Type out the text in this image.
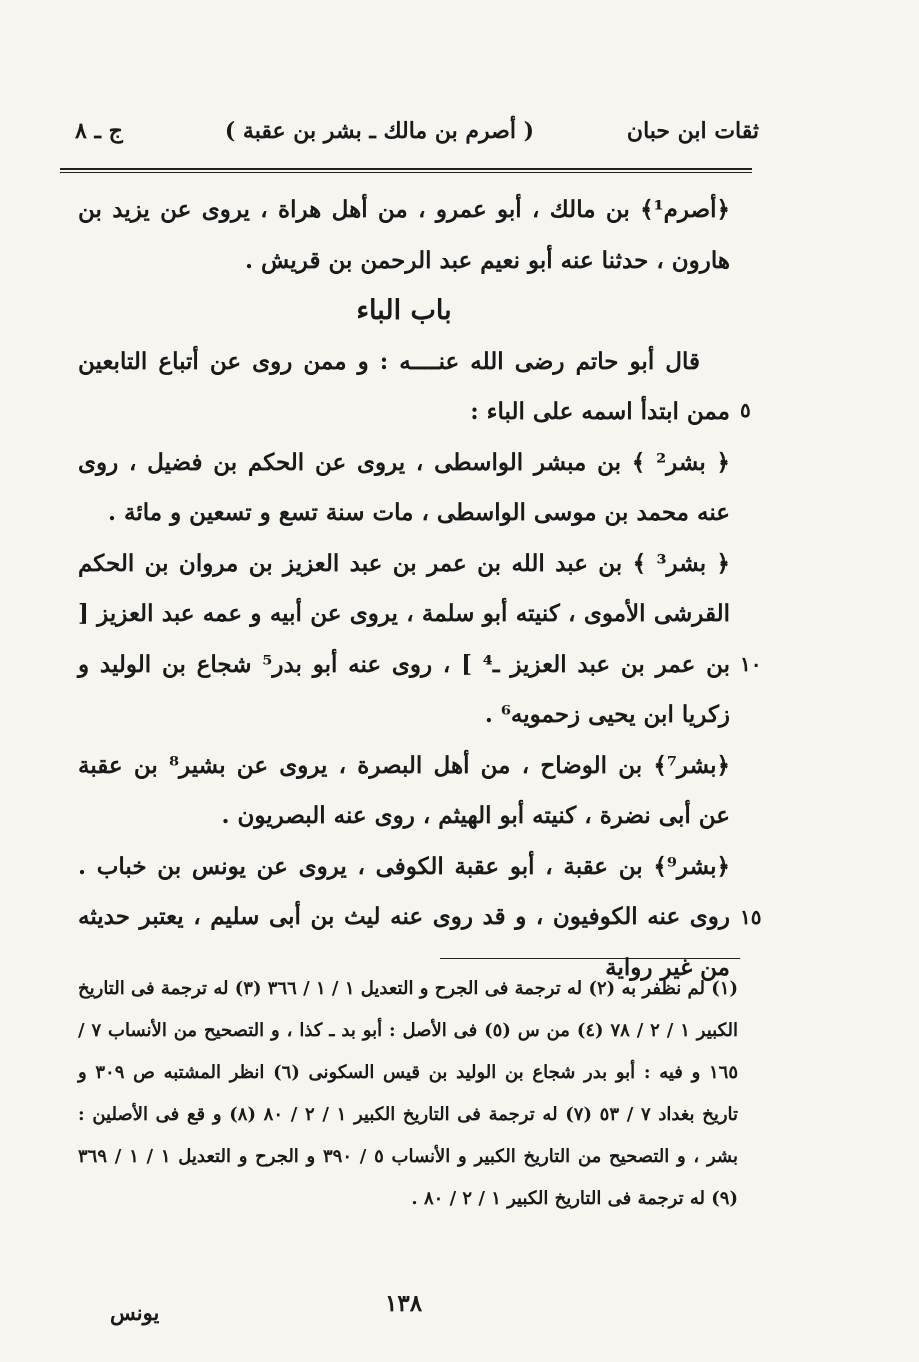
ثقات ابن حبان
( أصرم بن مالك ـ بشر بن عقبة )
ج ـ ٨

﴿أصرم¹﴾ بن مالك ، أبو عمرو ، من أهل هراة ، يروى عن يزيد بن هارون ، حدثنا عنه أبو نعيم عبد الرحمن بن قريش .

باب الباء

قال أبو حاتم رضى الله عنــــه : و ممن روى عن أتباع التابعين ممن ابتدأ اسمه على الباء :

﴿ بشر² ﴾ بن مبشر الواسطى ، يروى عن الحكم بن فضيل ، روى عنه محمد بن موسى الواسطى ، مات سنة تسع و تسعين و مائة .

﴿ بشر³ ﴾ بن عبد الله بن عمر بن عبد العزيز بن مروان بن الحكم القرشى الأموى ، كنيته أبو سلمة ، يروى عن أبيه و عمه عبد العزيز [ بن عمر بن عبد العزيز ـ⁴ ] ، روى عنه أبو بدر⁵ شجاع بن الوليد و زكريا ابن يحيى زحمويه⁶ .

﴿بشر⁷﴾ بن الوضاح ، من أهل البصرة ، يروى عن بشير⁸ بن عقبة عن أبى نضرة ، كنيته أبو الهيثم ، روى عنه البصريون .

﴿بشر⁹﴾ بن عقبة ، أبو عقبة الكوفى ، يروى عن يونس بن خباب . روى عنه الكوفيون ، و قد روى عنه ليث بن أبى سليم ، يعتبر حديثه من غير رواية

٥
١٠
١٥

(١) لم نظفر به (٢) له ترجمة فى الجرح و التعديل ١ / ١ / ٣٦٦ (٣) له ترجمة فى التاريخ الكبير ١ / ٢ / ٧٨ (٤) من س (٥) فى الأصل : أبو بد ـ كذا ، و التصحيح من الأنساب ٧ / ١٦٥ و فيه : أبو بدر شجاع بن الوليد بن قيس السكونى (٦) انظر المشتبه ص ٣٠٩ و تاريخ بغداد ٧ / ٥٣ (٧) له ترجمة فى التاريخ الكبير ١ / ٢ / ٨٠ (٨) و قع فى الأصلين : بشر ، و التصحيح من التاريخ الكبير و الأنساب ٥ / ٣٩٠ و الجرح و التعديل ١ / ١ / ٣٦٩ (٩) له ترجمة فى التاريخ الكبير ١ / ٢ / ٨٠ .

١٣٨
يونس
